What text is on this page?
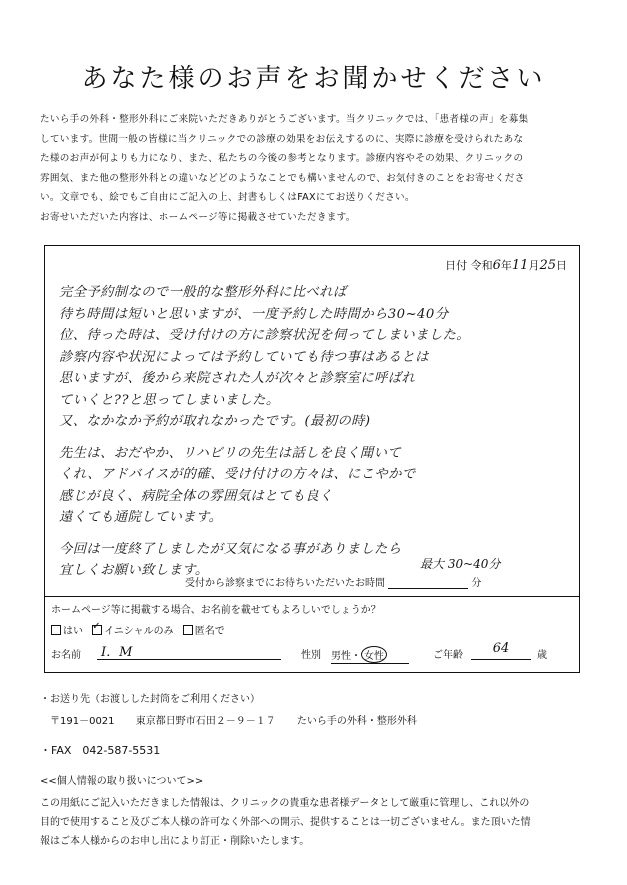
あなた様のお声をお聞かせください

たいら手の外科・整形外科にご来院いただきありがとうございます。当クリニックでは、「患者様の声」を募集

しています。世間一般の皆様に当クリニックでの診療の効果をお伝えするのに、実際に診療を受けられたあな

た様のお声が何よりも力になり、また、私たちの今後の参考となります。診療内容やその効果、クリニックの

雰囲気、また他の整形外科との違いなどどのようなことでも構いませんので、お気付きのことをお寄せくださ

い。文章でも、絵でもご自由にご記入の上、封書もしくはFAXにてお送りください。

お寄せいただいた内容は、ホームページ等に掲載させていただきます。

日付 令和6年11月25日

完全予約制なので一般的な整形外科に比べれば

待ち時間は短いと思いますが、一度予約した時間から30~40分

位、待った時は、受け付けの方に診察状況を伺ってしまいました。

診察内容や状況によっては予約していても待つ事はあるとは

思いますが、後から来院された人が次々と診察室に呼ばれ

ていくと??と思ってしまいました。

又、なかなか予約が取れなかったです。(最初の時)

先生は、おだやか、リハビリの先生は話しを良く聞いて

くれ、アドバイスが的確、受け付けの方々は、にこやかで

感じが良く、病院全体の雰囲気はとても良く

遠くても通院しています。

今回は一度終了しましたが又気になる事がありましたら

宜しくお願い致します。	最大 30~40分
受付から診察までにお待ちいただいたお時間	分
ホームページ等に掲載する場合、お名前を載せてもよろしいでしょうか？
はい ✓ イニシャルのみ 匿名で
お名前	I．M	性別 男性・ 女性	ご年齢	64	歳
・お送り先（お渡しした封筒をご利用ください）
〒191－0021 東京都日野市石田２－９－１７ たいら手の外科・整形外科
・FAX　042-587-5531
<<個人情報の取り扱いについて>>
この用紙にご記入いただきました情報は、クリニックの貴重な患者様データとして厳重に管理し、これ以外の
目的で使用すること及びご本人様の許可なく外部への開示、提供することは一切ございません。また頂いた情
報はご本人様からのお申し出により訂正・削除いたします。
